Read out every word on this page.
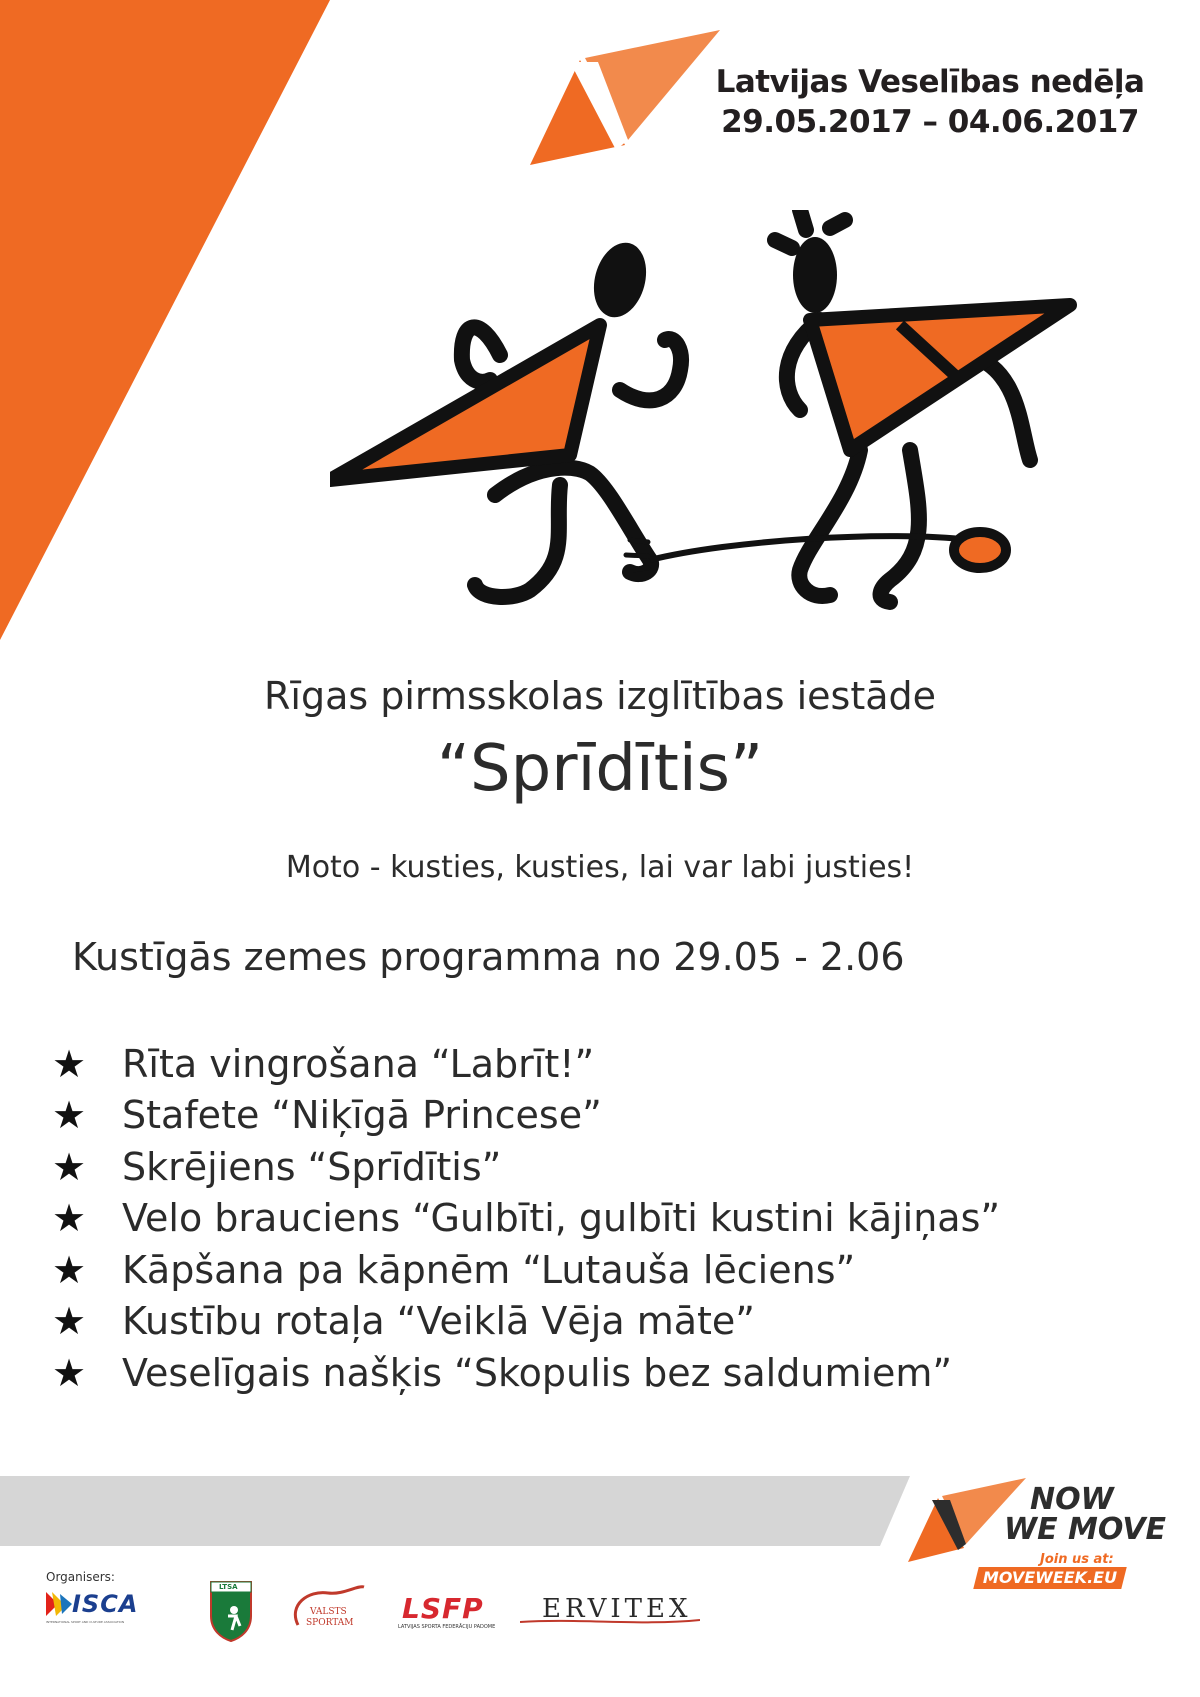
Latvijas Veselības nedēļa
29.05.2017 – 04.06.2017
Rīgas pirmsskolas izglītības iestāde
“Sprīdītis”
Moto - kusties, kusties, lai var labi justies!
Kustīgās zemes programma no 29.05 - 2.06
★ Rīta vingrošana “Labrīt!”
★ Stafete “Niķīgā Princese”
★ Skrējiens “Sprīdītis”
★ Velo brauciens “Gulbīti, gulbīti kustini kājiņas”
★ Kāpšana pa kāpnēm “Lutauša lēciens”
★ Kustību rotaļa “Veiklā Vēja māte”
★ Veselīgais našķis “Skopulis bez saldumiem”
Organisers:
ISCA
INTERNATIONAL SPORT AND CULTURE ASSOCIATION
LTSA
VALSTS
SPORTAM LSFP
LATVIJAS SPORTA FEDERĀCIJU PADOME
ERVITEX
NOW
WE MOVE
Join us at:
MOVEWEEK.EU
